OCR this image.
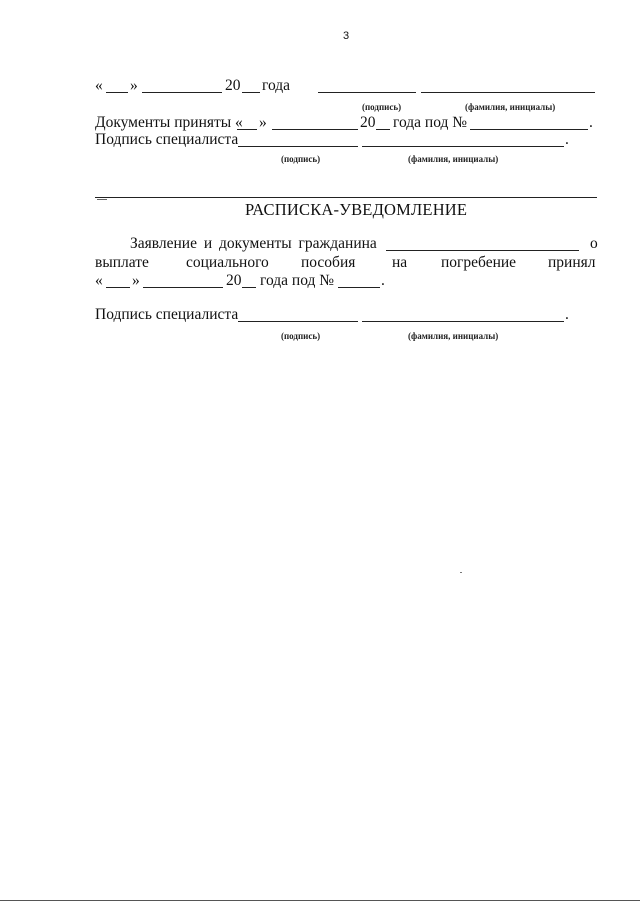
3
« »	20 года
(подпись)	(фамилия, инициалы)
Документы приняты « »	20 года под №	.
Подпись специалиста	.
(подпись)	(фамилия, инициалы)
РАСПИСКА-УВЕДОМЛЕНИЕ
Заявление и документы гражданина	о
выплате социального пособия на погребение принял
« »	20 года под №	.
Подпись специалиста	.
(подпись)	(фамилия, инициалы)
